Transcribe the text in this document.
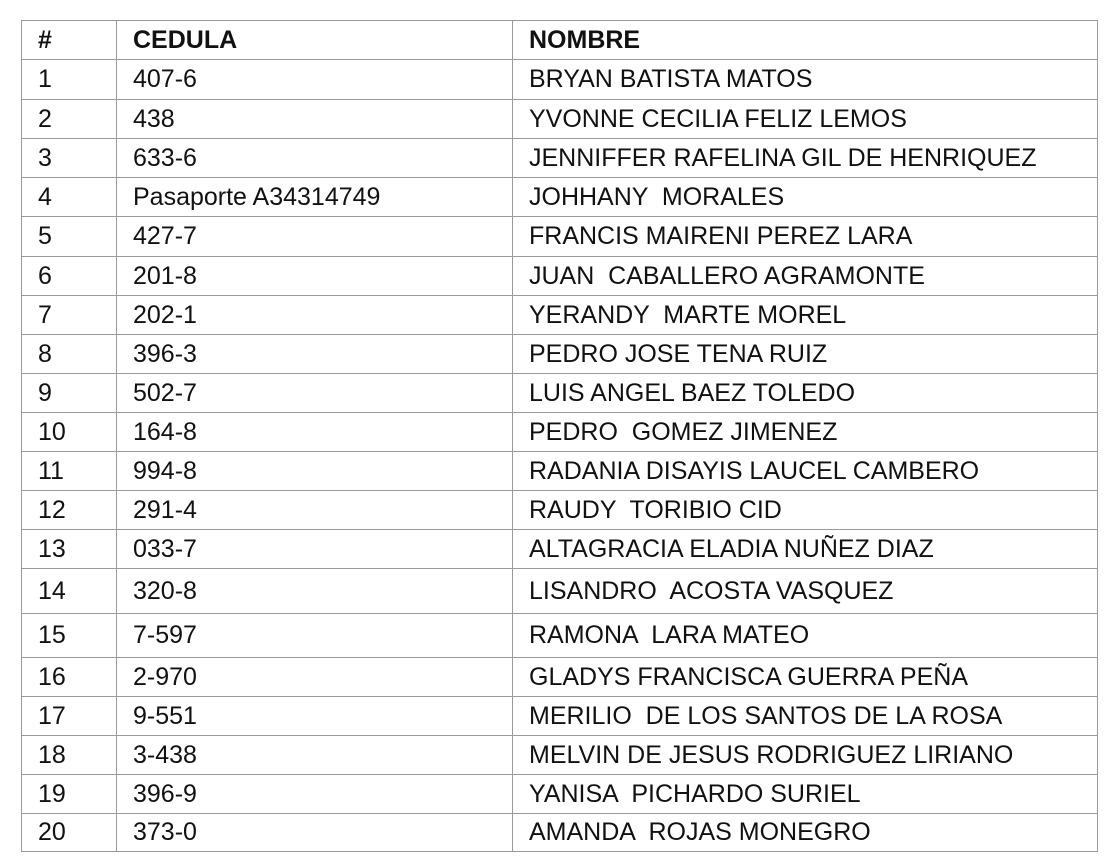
#	CEDULA	NOMBRE
1	407-6	BRYAN BATISTA MATOS
2	438	YVONNE CECILIA FELIZ LEMOS
3	633-6	JENNIFFER RAFELINA GIL DE HENRIQUEZ
4	Pasaporte A34314749	JOHHANY  MORALES
5	427-7	FRANCIS MAIRENI PEREZ LARA
6	201-8	JUAN  CABALLERO AGRAMONTE
7	202-1	YERANDY  MARTE MOREL
8	396-3	PEDRO JOSE TENA RUIZ
9	502-7	LUIS ANGEL BAEZ TOLEDO
10	164-8	PEDRO  GOMEZ JIMENEZ
11	994-8	RADANIA DISAYIS LAUCEL CAMBERO
12	291-4	RAUDY  TORIBIO CID
13	033-7	ALTAGRACIA ELADIA NUÑEZ DIAZ
14	320-8	LISANDRO  ACOSTA VASQUEZ
15	7-597	RAMONA  LARA MATEO
16	2-970	GLADYS FRANCISCA GUERRA PEÑA
17	9-551	MERILIO  DE LOS SANTOS DE LA ROSA
18	3-438	MELVIN DE JESUS RODRIGUEZ LIRIANO
19	396-9	YANISA  PICHARDO SURIEL
20	373-0	AMANDA  ROJAS MONEGRO
